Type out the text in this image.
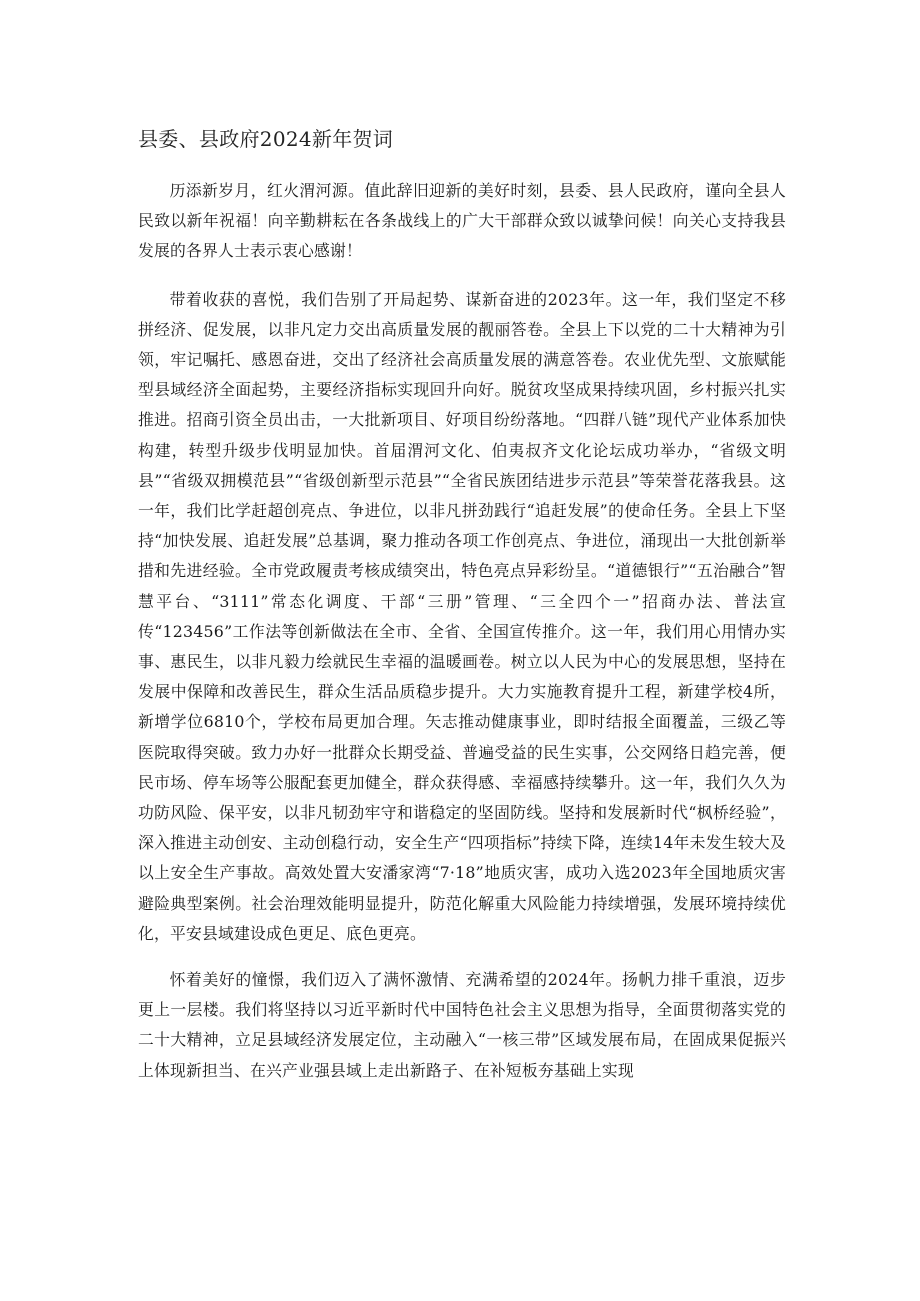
县委、县政府2024新年贺词

历添新岁月，红火渭河源。值此辞旧迎新的美好时刻，县委、县人民政府，谨向全县人民致以新年祝福！向辛勤耕耘在各条战线上的广大干部群众致以诚挚问候！向关心支持我县发展的各界人士表示衷心感谢！

带着收获的喜悦，我们告别了开局起势、谋新奋进的2023年。这一年，我们坚定不移拼经济、促发展，以非凡定力交出高质量发展的靓丽答卷。全县上下以党的二十大精神为引领，牢记嘱托、感恩奋进，交出了经济社会高质量发展的满意答卷。农业优先型、文旅赋能型县域经济全面起势，主要经济指标实现回升向好。脱贫攻坚成果持续巩固，乡村振兴扎实推进。招商引资全员出击，一大批新项目、好项目纷纷落地。“四群八链”现代产业体系加快构建，转型升级步伐明显加快。首届渭河文化、伯夷叔齐文化论坛成功举办，“省级文明县”“省级双拥模范县”“省级创新型示范县”“全省民族团结进步示范县”等荣誉花落我县。这一年，我们比学赶超创亮点、争进位，以非凡拼劲践行“追赶发展”的使命任务。全县上下坚持“加快发展、追赶发展”总基调，聚力推动各项工作创亮点、争进位，涌现出一大批创新举措和先进经验。全市党政履责考核成绩突出，特色亮点异彩纷呈。“道德银行”“五治融合”智慧平台、“3111”常态化调度、干部“三册”管理、“三全四个一”招商办法、普法宣传“123456”工作法等创新做法在全市、全省、全国宣传推介。这一年，我们用心用情办实事、惠民生，以非凡毅力绘就民生幸福的温暖画卷。树立以人民为中心的发展思想，坚持在发展中保障和改善民生，群众生活品质稳步提升。大力实施教育提升工程，新建学校4所，新增学位6810个，学校布局更加合理。矢志推动健康事业，即时结报全面覆盖，三级乙等医院取得突破。致力办好一批群众长期受益、普遍受益的民生实事，公交网络日趋完善，便民市场、停车场等公服配套更加健全，群众获得感、幸福感持续攀升。这一年，我们久久为功防风险、保平安，以非凡韧劲牢守和谐稳定的坚固防线。坚持和发展新时代“枫桥经验”，深入推进主动创安、主动创稳行动，安全生产“四项指标”持续下降，连续14年未发生较大及以上安全生产事故。高效处置大安潘家湾“7·18”地质灾害，成功入选2023年全国地质灾害避险典型案例。社会治理效能明显提升，防范化解重大风险能力持续增强，发展环境持续优化，平安县域建设成色更足、底色更亮。

怀着美好的憧憬，我们迈入了满怀激情、充满希望的2024年。扬帆力排千重浪，迈步更上一层楼。我们将坚持以习近平新时代中国特色社会主义思想为指导，全面贯彻落实党的二十大精神，立足县域经济发展定位，主动融入“一核三带”区域发展布局，在固成果促振兴上体现新担当、在兴产业强县域上走出新路子、在补短板夯基础上实现
